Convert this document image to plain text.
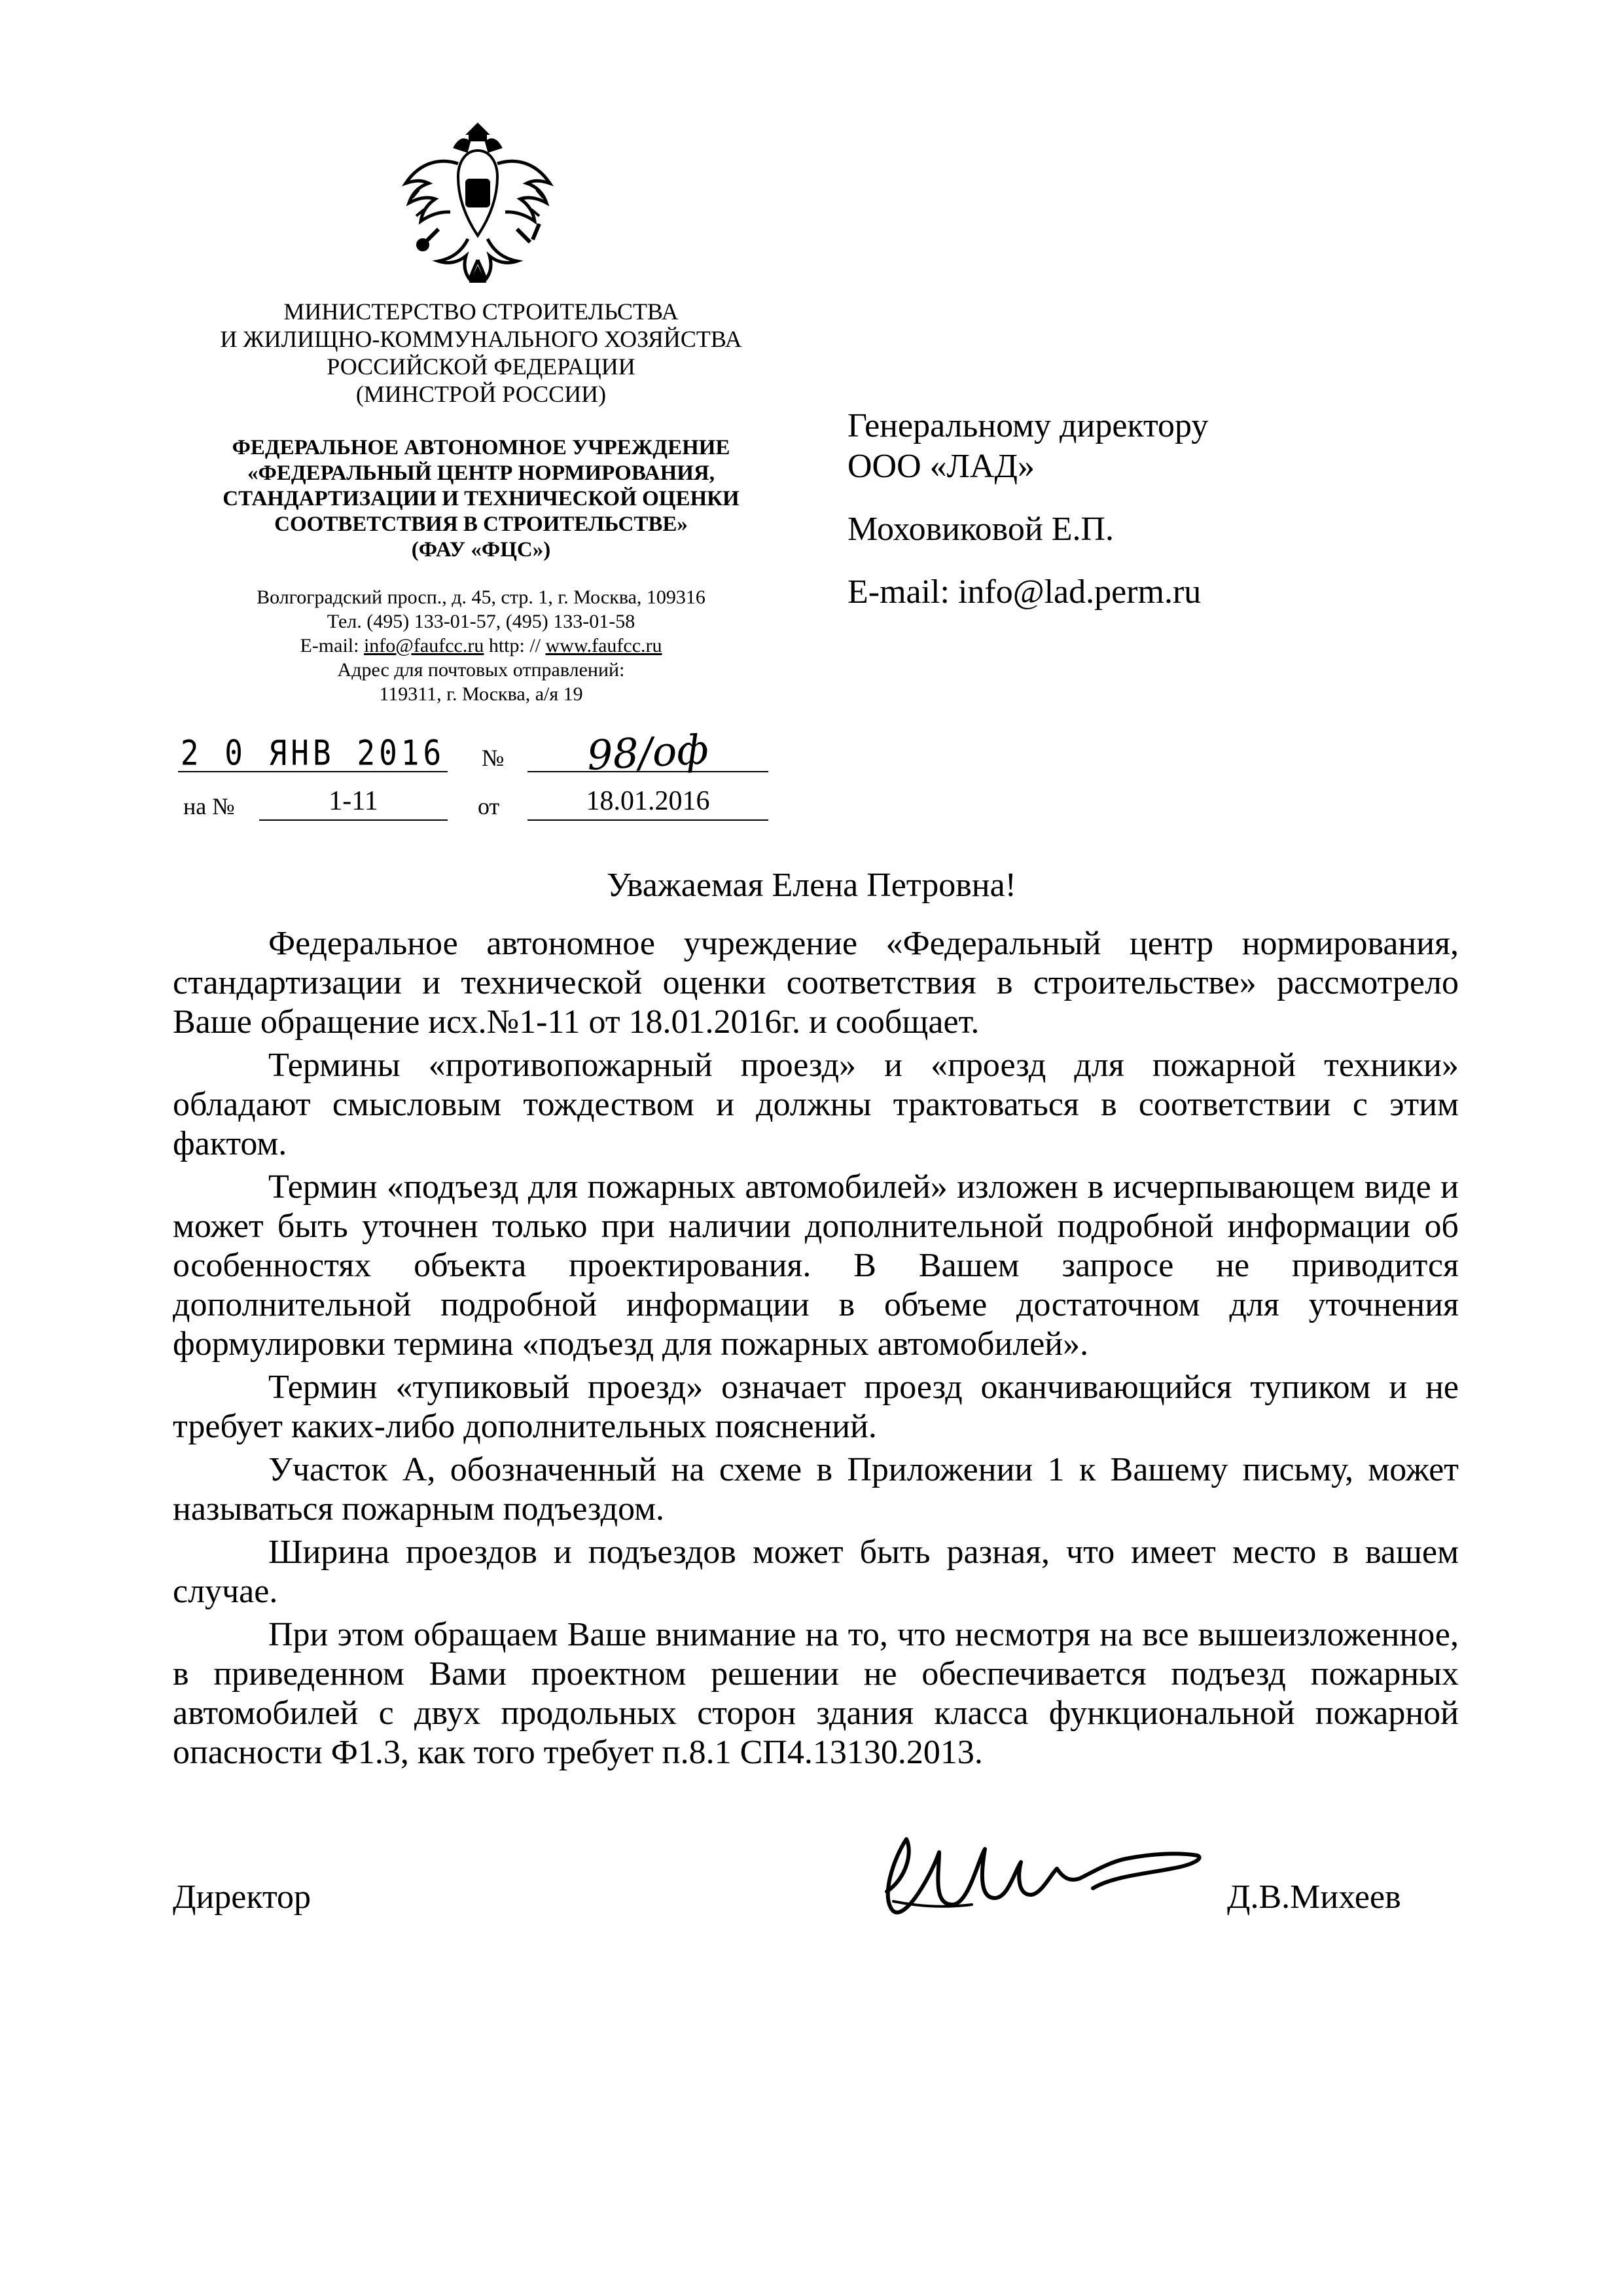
МИНИСТЕРСТВО СТРОИТЕЛЬСТВА
И ЖИЛИЩНО-КОММУНАЛЬНОГО ХОЗЯЙСТВА
РОССИЙСКОЙ ФЕДЕРАЦИИ
(МИНСТРОЙ РОССИИ)
ФЕДЕРАЛЬНОЕ АВТОНОМНОЕ УЧРЕЖДЕНИЕ
«ФЕДЕРАЛЬНЫЙ ЦЕНТР НОРМИРОВАНИЯ,
СТАНДАРТИЗАЦИИ И ТЕХНИЧЕСКОЙ ОЦЕНКИ
СООТВЕТСТВИЯ В СТРОИТЕЛЬСТВЕ»
(ФАУ «ФЦС»)
Волгоградский просп., д. 45, стр. 1, г. Москва, 109316
Тел. (495) 133-01-57, (495) 133-01-58
E-mail: info@faufcc.ru http: // www.faufcc.ru
Адрес для почтовых отправлений:
119311, г. Москва, а/я 19
2 0 ЯНВ 2016 №	98/оф
на №	1-11	от	18.01.2016

Генеральному директору

ООО «ЛАД»

Моховиковой Е.П.

E-mail: info@lad.perm.ru

Уважаемая Елена Петровна!

Федеральное автономное учреждение «Федеральный центр нормирования, стандартизации и технической оценки соответствия в строительстве» рассмотрело Ваше обращение исх.№1-11 от 18.01.2016г. и сообщает.

Термины «противопожарный проезд» и «проезд для пожарной техники» обладают смысловым тождеством и должны трактоваться в соответствии с этим фактом.

Термин «подъезд для пожарных автомобилей» изложен в исчерпывающем виде и может быть уточнен только при наличии дополнительной подробной информации об особенностях объекта проектирования. В Вашем запросе не приводится дополнительной подробной информации в объеме достаточном для уточнения формулировки термина «подъезд для пожарных автомобилей».

Термин «тупиковый проезд» означает проезд оканчивающийся тупиком и не требует каких-либо дополнительных пояснений.

Участок А, обозначенный на схеме в Приложении 1 к Вашему письму, может называться пожарным подъездом.

Ширина проездов и подъездов может быть разная, что имеет место в вашем случае.

При этом обращаем Ваше внимание на то, что несмотря на все вышеизложенное, в приведенном Вами проектном решении не обеспечивается подъезд пожарных автомобилей с двух продольных сторон здания класса функциональной пожарной опасности Ф1.3, как того требует п.8.1 СП4.13130.2013.

Директор	Д.В.Михеев
